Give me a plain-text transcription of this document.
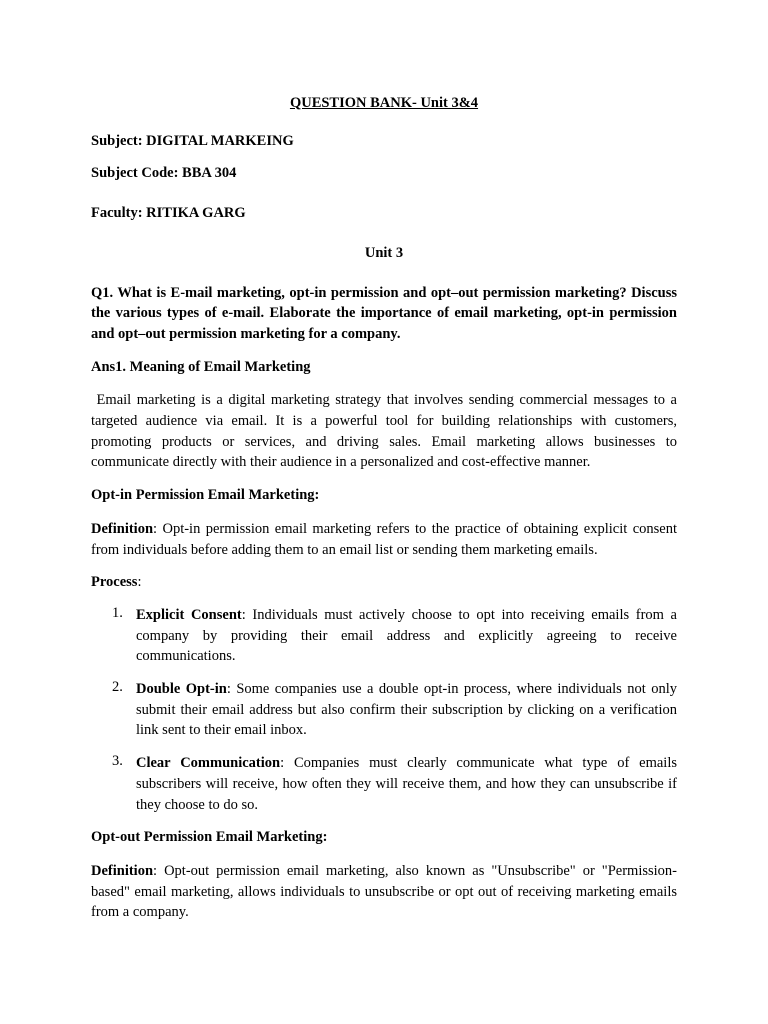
QUESTION BANK- Unit 3&4

Subject: DIGITAL MARKEING

Subject Code: BBA 304

Faculty: RITIKA GARG

Unit 3

Q1. What is E-mail marketing, opt-in permission and opt–out permission marketing? Discuss the various types of e-mail. Elaborate the importance of email marketing, opt-in permission and opt–out permission marketing for a company.

Ans1. Meaning of Email Marketing

Email marketing is a digital marketing strategy that involves sending commercial messages to a targeted audience via email. It is a powerful tool for building relationships with customers, promoting products or services, and driving sales. Email marketing allows businesses to communicate directly with their audience in a personalized and cost-effective manner.

Opt-in Permission Email Marketing:

Definition: Opt-in permission email marketing refers to the practice of obtaining explicit consent from individuals before adding them to an email list or sending them marketing emails.

Process:

1. Explicit Consent: Individuals must actively choose to opt into receiving emails from a company by providing their email address and explicitly agreeing to receive communications.

2. Double Opt-in: Some companies use a double opt-in process, where individuals not only submit their email address but also confirm their subscription by clicking on a verification link sent to their email inbox.

3. Clear Communication: Companies must clearly communicate what type of emails subscribers will receive, how often they will receive them, and how they can unsubscribe if they choose to do so.

Opt-out Permission Email Marketing:

Definition: Opt-out permission email marketing, also known as "Unsubscribe" or "Permission-based" email marketing, allows individuals to unsubscribe or opt out of receiving marketing emails from a company.
